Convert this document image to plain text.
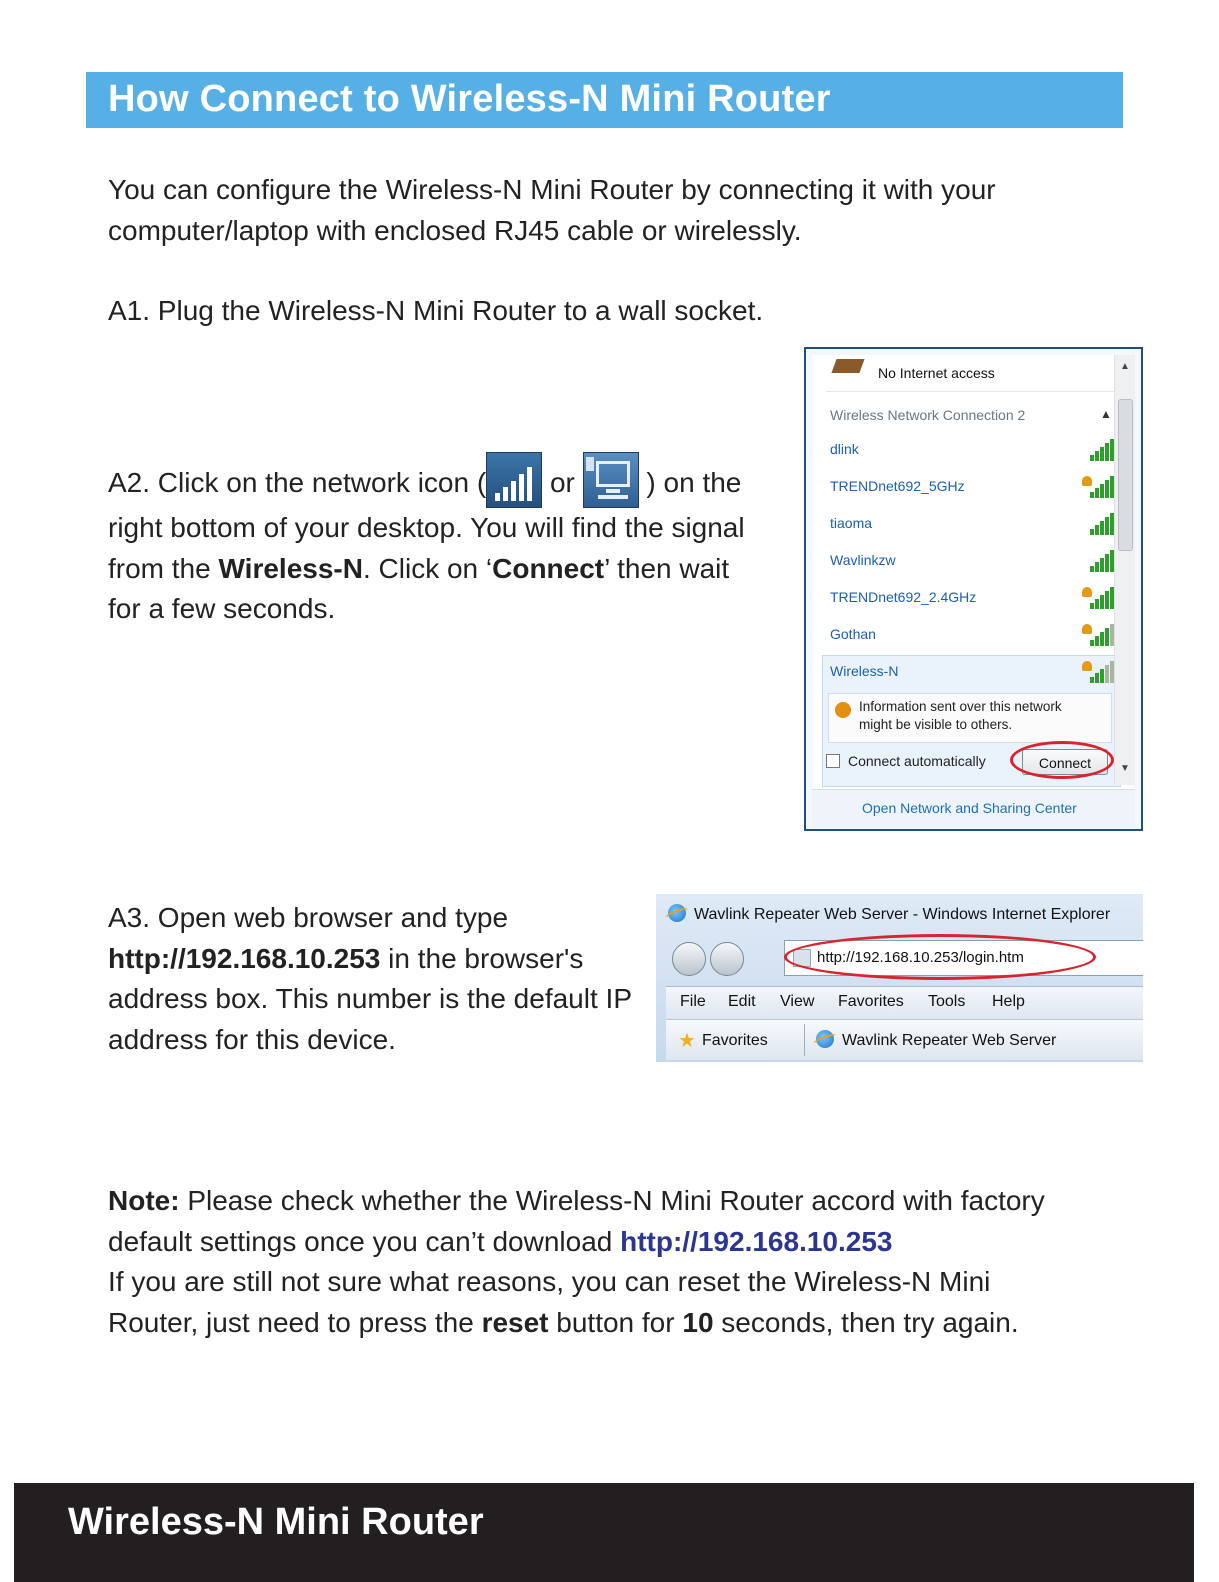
How Connect to Wireless-N Mini Router

You can configure the Wireless-N Mini Router by connecting it with your computer/laptop with enclosed RJ45 cable or wirelessly.

A1. Plug the Wireless-N Mini Router to a wall socket.

A2. Click on the network icon (
or
) on the right bottom of your desktop. You will find the signal from the Wireless-N. Click on ‘Connect’ then wait for a few seconds.

A3. Open web browser and type http://192.168.10.253 in the browser's address box. This number is the default IP address for this device.

No Internet access
Wireless Network Connection 2	▲
dlink
TRENDnet692_5GHz
tiaoma
Wavlinkzw
TRENDnet692_2.4GHz
Gothan
Wireless-N
Information sent over this network
might be visible to others.
Connect automatically	Connect
▲
▼
Open Network and Sharing Center
Wavlink Repeater Web Server - Windows Internet Explorer
http://192.168.10.253/login.htm
File Edit View Favorites Tools Help
★ Favorites	Wavlink Repeater Web Server

Note: Please check whether the Wireless-N Mini Router accord with factory
default settings once you can’t download http://192.168.10.253
If you are still not sure what reasons, you can reset the Wireless-N Mini
Router, just need to press the reset button for 10 seconds, then try again.

Wireless-N Mini Router
